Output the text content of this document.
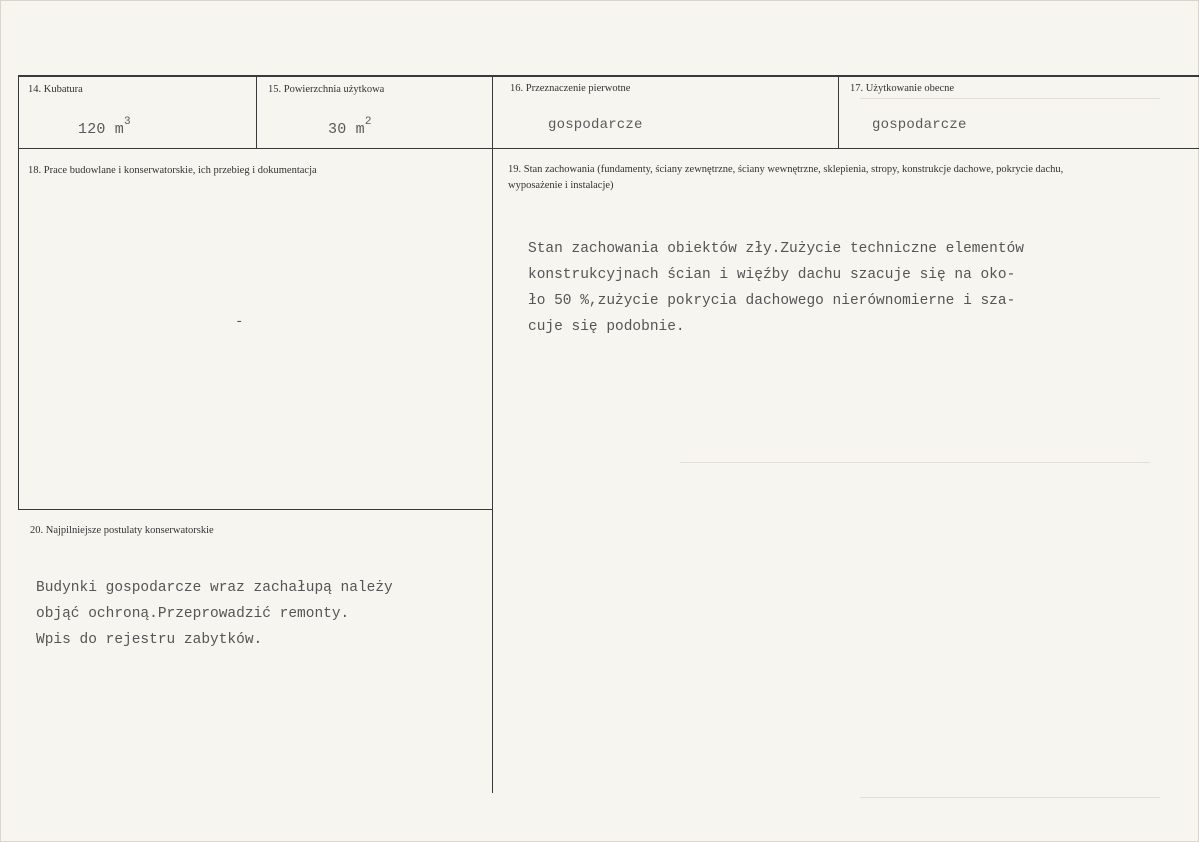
14. Kubatura
120 $m^3$
15. Powierzchnia użytkowa
30 $m^2$
16. Przeznaczenie pierwotne
gospodarcze
17. Użytkowanie obecne
gospodarcze
18. Prace budowlane i konserwatorskie, ich przebieg i dokumentacja
-
19. Stan zachowania (fundamenty, ściany zewnętrzne, ściany wewnętrzne, sklepienia, stropy, konstrukcje dachowe, pokrycie dachu, wyposażenie i instalacje)
Stan zachowania obiektów zły.Zużycie techniczne elementów
konstrukcyjnach ścian i więźby dachu szacuje się na oko-
ło 50 %,zużycie pokrycia dachowego nierównomierne i sza-
cuje się podobnie.
20. Najpilniejsze postulaty konserwatorskie
Budynki gospodarcze wraz zachałupą należy
objąć ochroną.Przeprowadzić remonty.
Wpis do rejestru zabytków.
